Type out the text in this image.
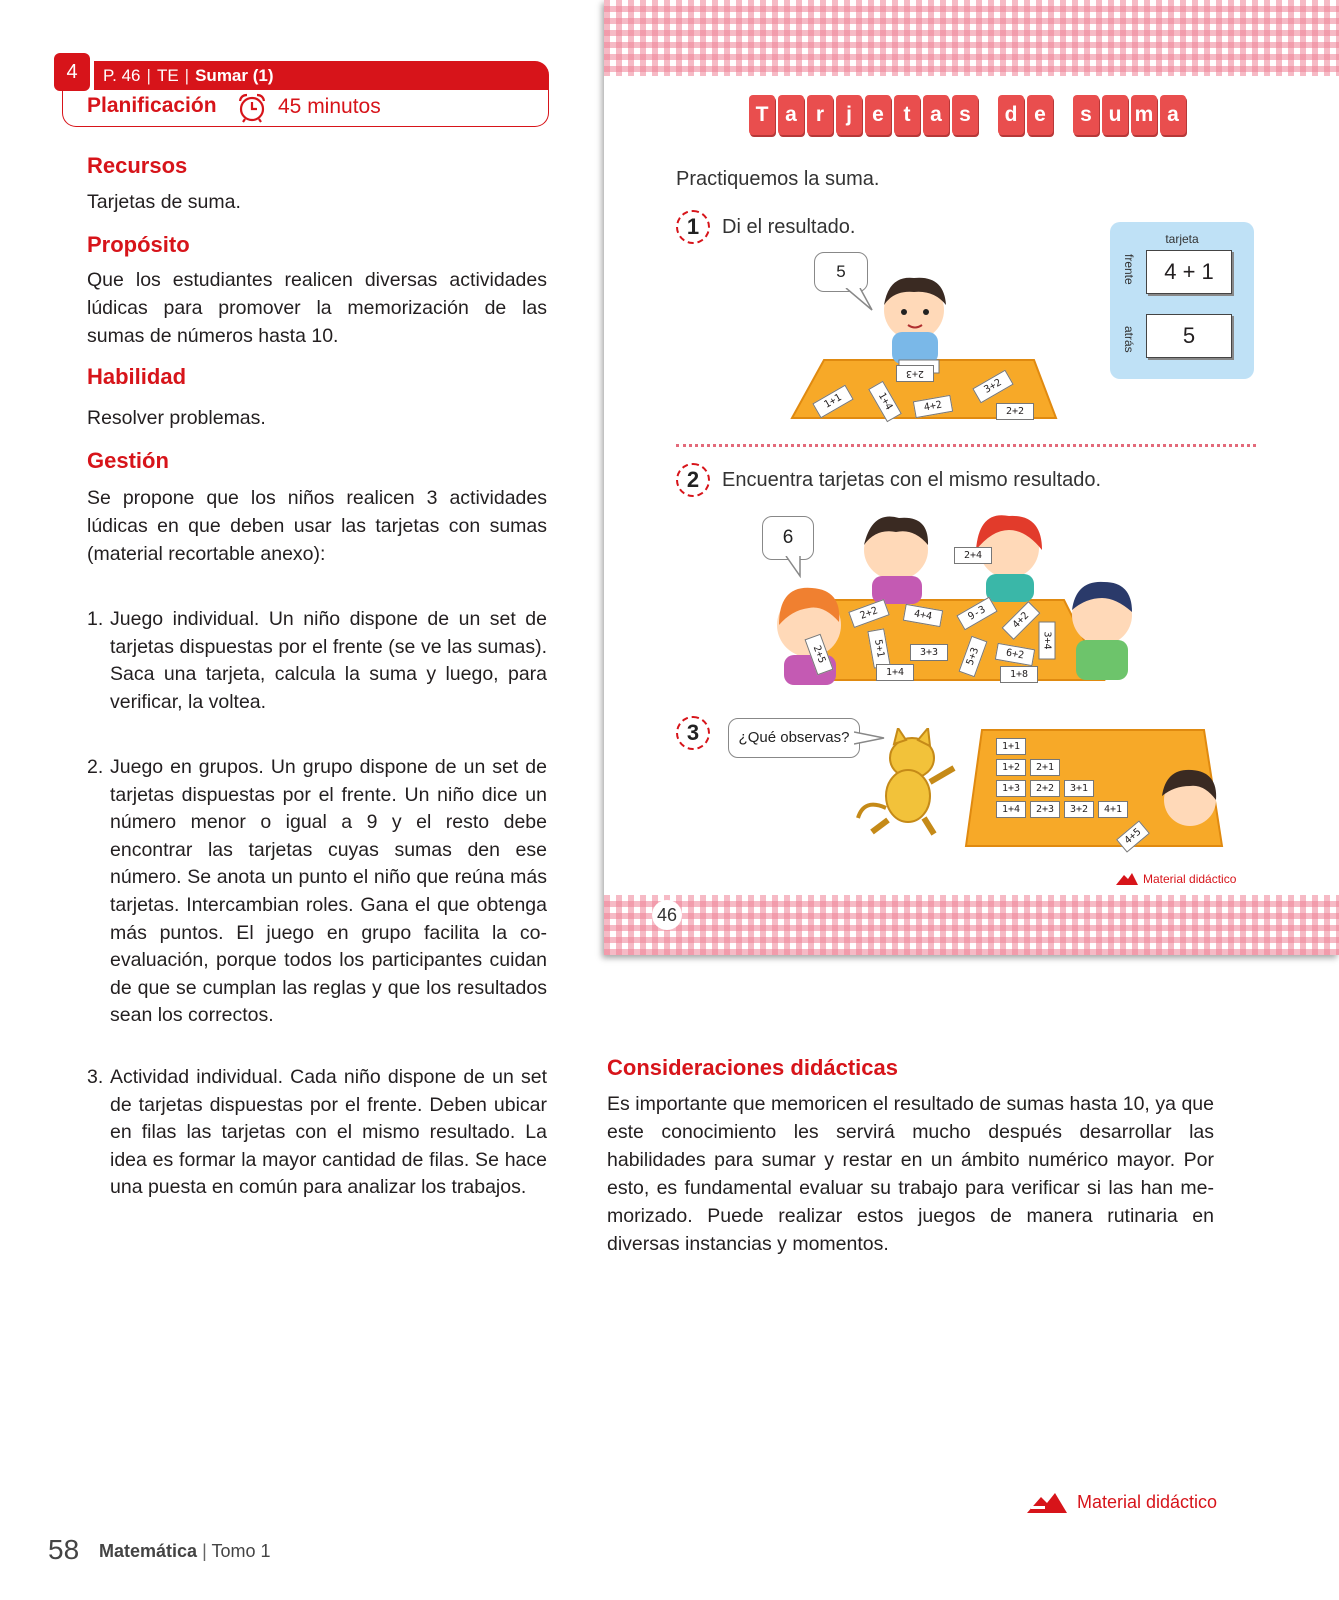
4	P. 46 | TE | Sumar (1)
Planificación	45 minutos
Recursos
Tarjetas de suma.
Propósito
Que los estudiantes realicen diversas actividades lúdicas para promover la memorización de las sumas de números hasta 10.
Habilidad
Resolver problemas.
Gestión
Se propone que los niños realicen 3 actividades lúdicas en que deben usar las tarjetas con sumas (material recortable anexo):
1. Juego individual. Un niño dispone de un set de tarjetas dispuestas por el frente (se ve las sumas). Saca una tarjeta, calcula la suma y luego, para verificar, la voltea.
2. Juego en grupos. Un grupo dispone de un set de tarjetas dispuestas por el frente. Un niño dice un número menor o igual a 9 y el resto debe encontrar las tarjetas cuyas sumas den ese número. Se anota un punto el niño que reúna más tarjetas. Intercambian roles. Gana el que obtenga más puntos. El juego en grupo facilita la co- evaluación, porque todos los participantes cuidan de que se cumplan las reglas y que los resultados sean los correctos.
3. Actividad individual. Cada niño dispone de un set de tarjetas dispuestas por el frente. Deben ubicar en filas las tarjetas con el mismo resultado. La idea es formar la mayor cantidad de filas. Se hace una puesta en común para analizar los trabajos.
T a r	j e t a s	d e	s u m a
Practiquemos la suma.
1	Di el resultado.
5
1+1	1+4	4+2
2+3
3+2
2+2
tarjeta
frente
atrás
4 + 1
5
2	Encuentra tarjetas con el mismo resultado.
6
2+4
2+2	4+4	9-3	4+2
5+1
2+5	3+3	5+3	6+2
1+8
1+4
3+4
3	¿Qué observas?
1+1
1+2	2+1
1+3	2+2	3+1
1+4	2+3	3+2	4+1
4+5
Material didáctico
46
Consideraciones didácticas
Es importante que memoricen el resultado de sumas hasta 10, ya que este conocimiento les servirá mucho después desarrollar las habilidades para sumar y restar en un ámbito numérico mayor. Por esto, es fundamental evaluar su trabajo para verificar si las han me-morizado. Puede realizar estos juegos de manera rutinaria en diversas instancias y momentos.
Material didáctico
58 Matemática | Tomo 1
